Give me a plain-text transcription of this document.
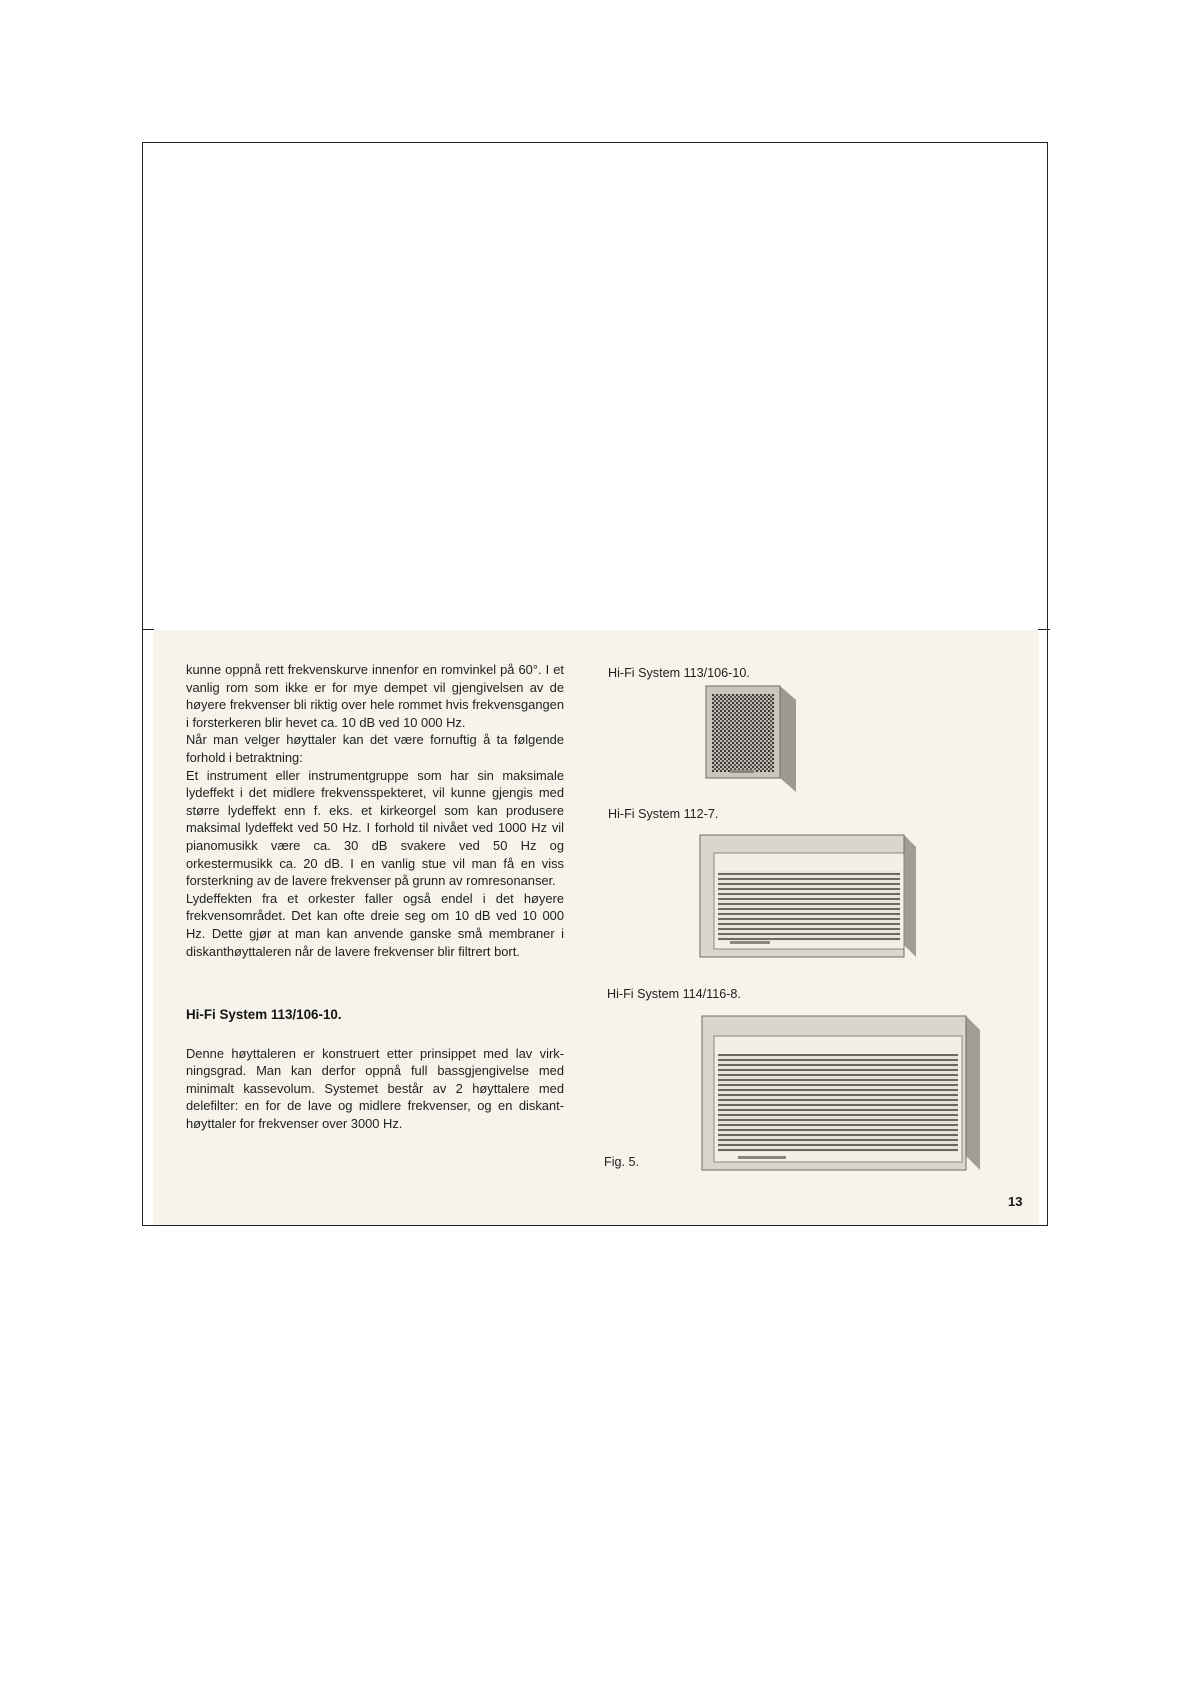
kunne oppnå rett frekvenskurve innenfor en romvinkel på 60°. I et vanlig rom som ikke er for mye dempet vil gjengivelsen av de høyere frekvenser bli riktig over hele rommet hvis frekvensgangen i forsterkeren blir hevet ca. 10 dB ved 10 000 Hz.

Når man velger høyttaler kan det være fornuftig å ta følgende forhold i betraktning:

Et instrument eller instrumentgruppe som har sin maksimale lydeffekt i det midlere frekvensspekteret, vil kunne gjengis med større lydeffekt enn f. eks. et kirkeorgel som kan produsere maksimal lydeffekt ved 50 Hz. I forhold til nivået ved 1000 Hz vil pianomusikk være ca. 30 dB svakere ved 50 Hz og orkestermusikk ca. 20 dB. I en vanlig stue vil man få en viss forsterkning av de lavere frekvenser på grunn av romresonanser.

Lydeffekten fra et orkester faller også endel i det høyere frekvensområdet. Det kan ofte dreie seg om 10 dB ved 10 000 Hz. Dette gjør at man kan anvende ganske små membraner i diskanthøyttaleren når de lavere frekvenser blir filtrert bort.

Hi-Fi System 113/106-10.

Denne høyttaleren er konstruert etter prinsippet med lav virkningsgrad. Man kan derfor oppnå full bassgjengivelse med minimalt kassevolum. Systemet består av 2 høyttalere med delefilter: en for de lave og midlere frekvenser, og en diskanthøyttaler for frekvenser over 3000 Hz.

Hi-Fi System 113/106-10.

Hi-Fi System 112-7.

Hi-Fi System 114/116-8.

Fig. 5.

13
